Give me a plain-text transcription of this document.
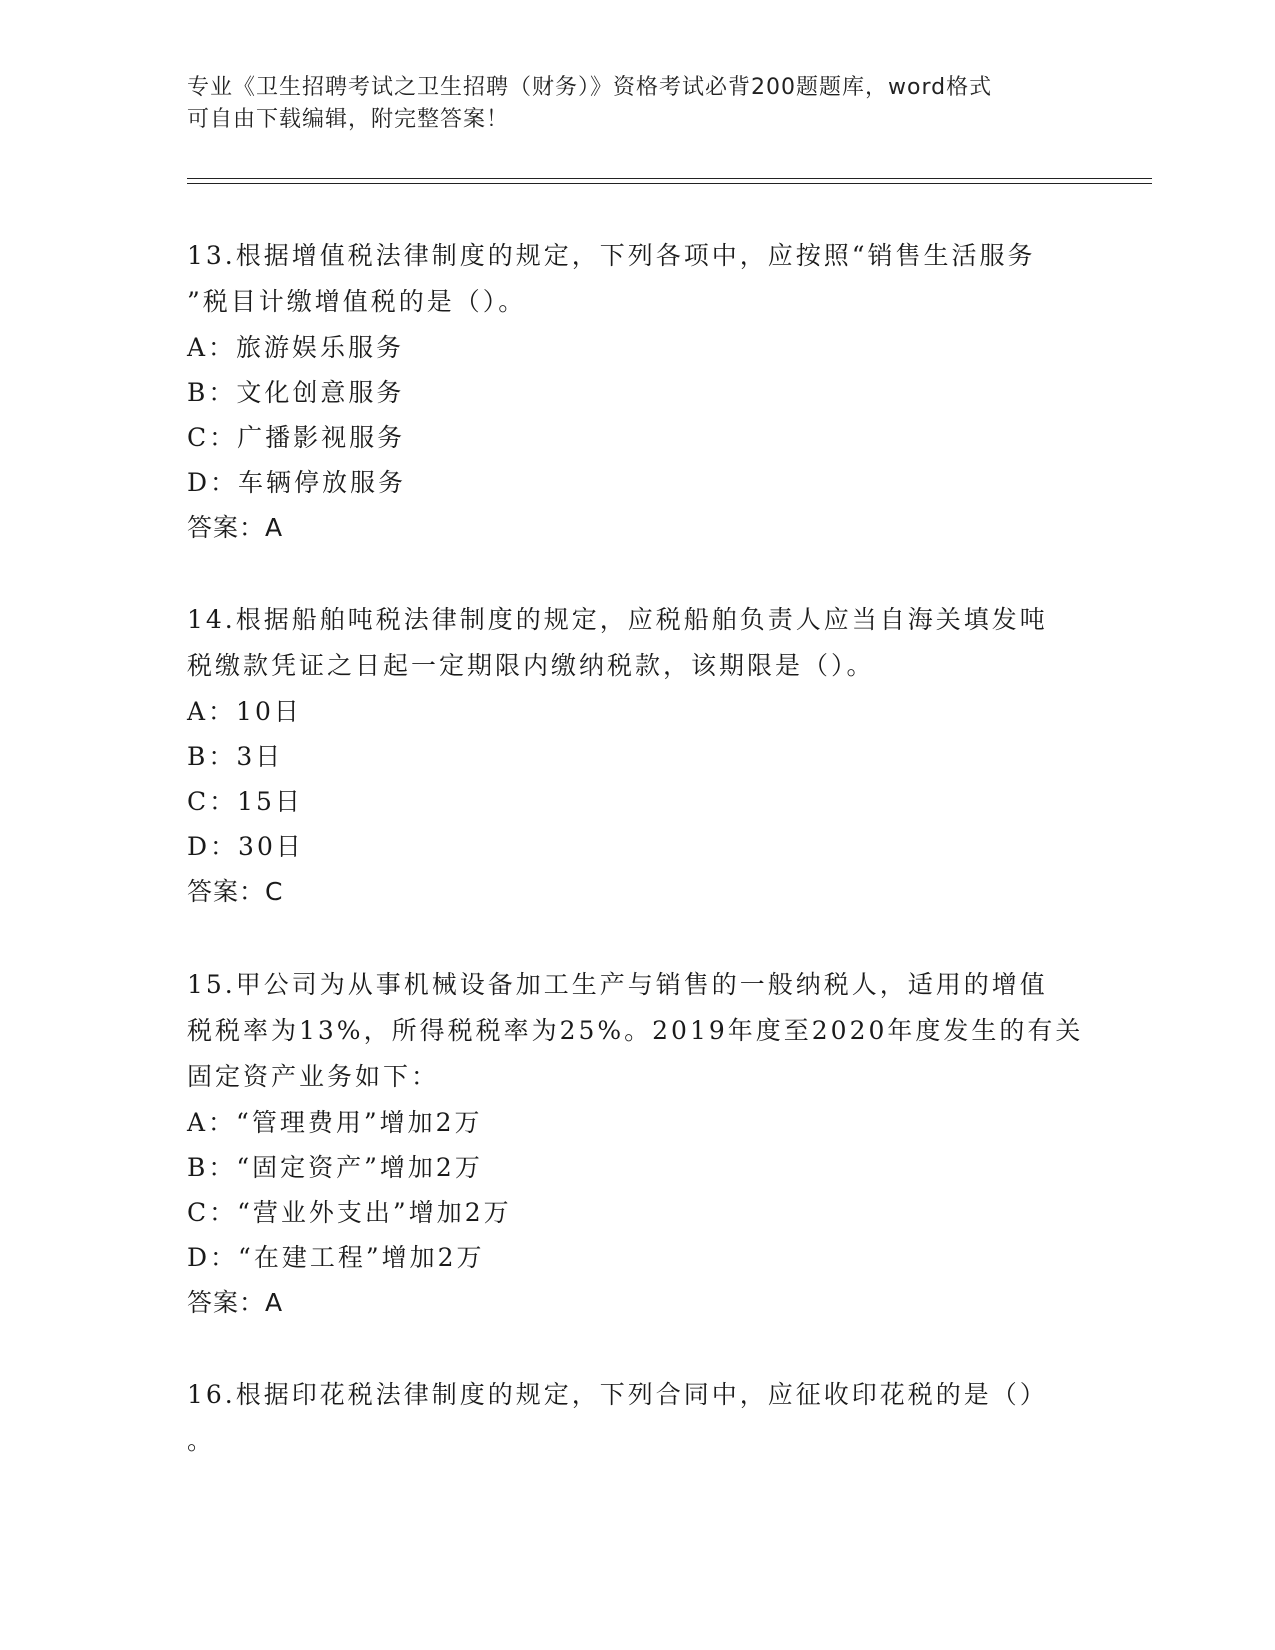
专业《卫生招聘考试之卫生招聘（财务）》资格考试必背200题题库，word格式
可自由下载编辑，附完整答案！
13.根据增值税法律制度的规定，下列各项中，应按照“销售生活服务
”税目计缴增值税的是（）。
A：旅游娱乐服务
B：文化创意服务
C：广播影视服务
D：车辆停放服务
答案：A
14.根据船舶吨税法律制度的规定，应税船舶负责人应当自海关填发吨
税缴款凭证之日起一定期限内缴纳税款，该期限是（）。
A：10日
B：3日
C：15日
D：30日
答案：C
15.甲公司为从事机械设备加工生产与销售的一般纳税人，适用的增值
税税率为13%，所得税税率为25%。2019年度至2020年度发生的有关
固定资产业务如下：
A：“管理费用”增加2万
B：“固定资产”增加2万
C：“营业外支出”增加2万
D：“在建工程”增加2万
答案：A
16.根据印花税法律制度的规定，下列合同中，应征收印花税的是（）
。
